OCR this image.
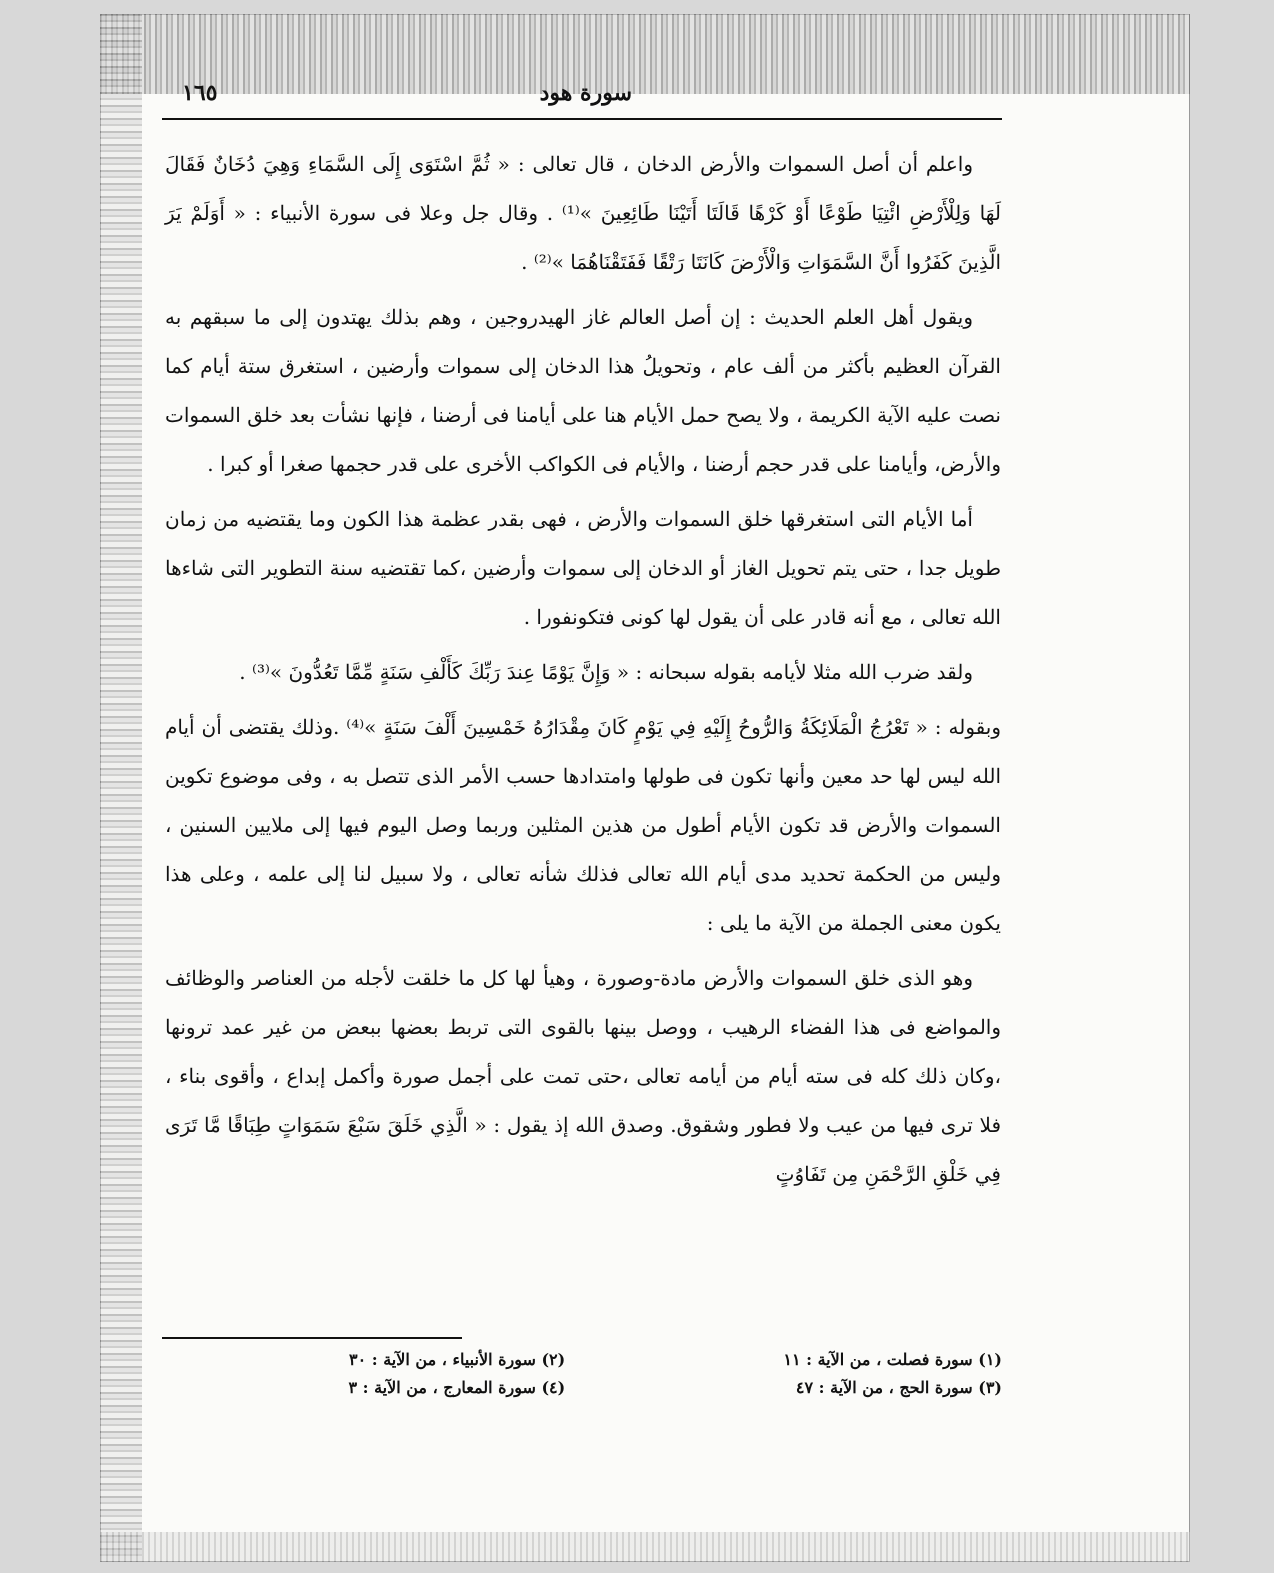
سورة هود
١٦٥

واعلم أن أصل السموات والأرض الدخان ، قال تعالى : « ثُمَّ اسْتَوَى إِلَى السَّمَاءِ وَهِيَ دُخَانٌ فَقَالَ لَهَا وَلِلْأَرْضِ ائْتِيَا طَوْعًا أَوْ كَرْهًا قَالَتَا أَتَيْنَا طَائِعِينَ »⁽¹⁾ . وقال جل وعلا فى سورة الأنبياء : « أَوَلَمْ يَرَ الَّذِينَ كَفَرُوا أَنَّ السَّمَوَاتِ وَالْأَرْضَ كَانَتَا رَتْقًا فَفَتَقْنَاهُمَا »⁽²⁾ .

ويقول أهل العلم الحديث : إن أصل العالم غاز الهيدروجين ، وهم بذلك يهتدون إلى ما سبقهم به القرآن العظيم بأكثر من ألف عام ، وتحويلُ هذا الدخان إلى سموات وأرضين ، استغرق ستة أيام كما نصت عليه الآية الكريمة ، ولا يصح حمل الأيام هنا على أيامنا فى أرضنا ، فإنها نشأت بعد خلق السموات والأرض، وأيامنا على قدر حجم أرضنا ، والأيام فى الكواكب الأخرى على قدر حجمها صغرا أو كبرا .

أما الأيام التى استغرقها خلق السموات والأرض ، فهى بقدر عظمة هذا الكون وما يقتضيه من زمان طويل جدا ، حتى يتم تحويل الغاز أو الدخان إلى سموات وأرضين ،كما تقتضيه سنة التطوير التى شاءها الله تعالى ، مع أنه قادر على أن يقول لها كونى فتكونفورا .

ولقد ضرب الله مثلا لأيامه بقوله سبحانه : « وَإِنَّ يَوْمًا عِندَ رَبِّكَ كَأَلْفِ سَنَةٍ مِّمَّا تَعُدُّونَ »⁽³⁾ .

وبقوله : « تَعْرُجُ الْمَلَائِكَةُ وَالرُّوحُ إِلَيْهِ فِي يَوْمٍ كَانَ مِقْدَارُهُ خَمْسِينَ أَلْفَ سَنَةٍ »⁽⁴⁾ .وذلك يقتضى أن أيام الله ليس لها حد معين وأنها تكون فى طولها وامتدادها حسب الأمر الذى تتصل به ، وفى موضوع تكوين السموات والأرض قد تكون الأيام أطول من هذين المثلين وربما وصل اليوم فيها إلى ملايين السنين ، وليس من الحكمة تحديد مدى أيام الله تعالى فذلك شأنه تعالى ، ولا سبيل لنا إلى علمه ، وعلى هذا يكون معنى الجملة من الآية ما يلى :

وهو الذى خلق السموات والأرض مادة-وصورة ، وهيأ لها كل ما خلقت لأجله من العناصر والوظائف والمواضع فى هذا الفضاء الرهيب ، ووصل بينها بالقوى التى تربط بعضها ببعض من غير عمد ترونها ،وكان ذلك كله فى سته أيام من أيامه تعالى ،حتى تمت على أجمل صورة وأكمل إبداع ، وأقوى بناء ، فلا ترى فيها من عيب ولا فطور وشقوق. وصدق الله إذ يقول : « الَّذِي خَلَقَ سَبْعَ سَمَوَاتٍ طِبَاقًا مَّا تَرَى فِي خَلْقِ الرَّحْمَنِ مِن تَفَاوُتٍ

(١) سورة فصلت ، من الآية : ١١
(٢) سورة الأنبياء ، من الآية : ٣٠
(٣) سورة الحج ، من الآية : ٤٧
(٤) سورة المعارج ، من الآية : ٣
